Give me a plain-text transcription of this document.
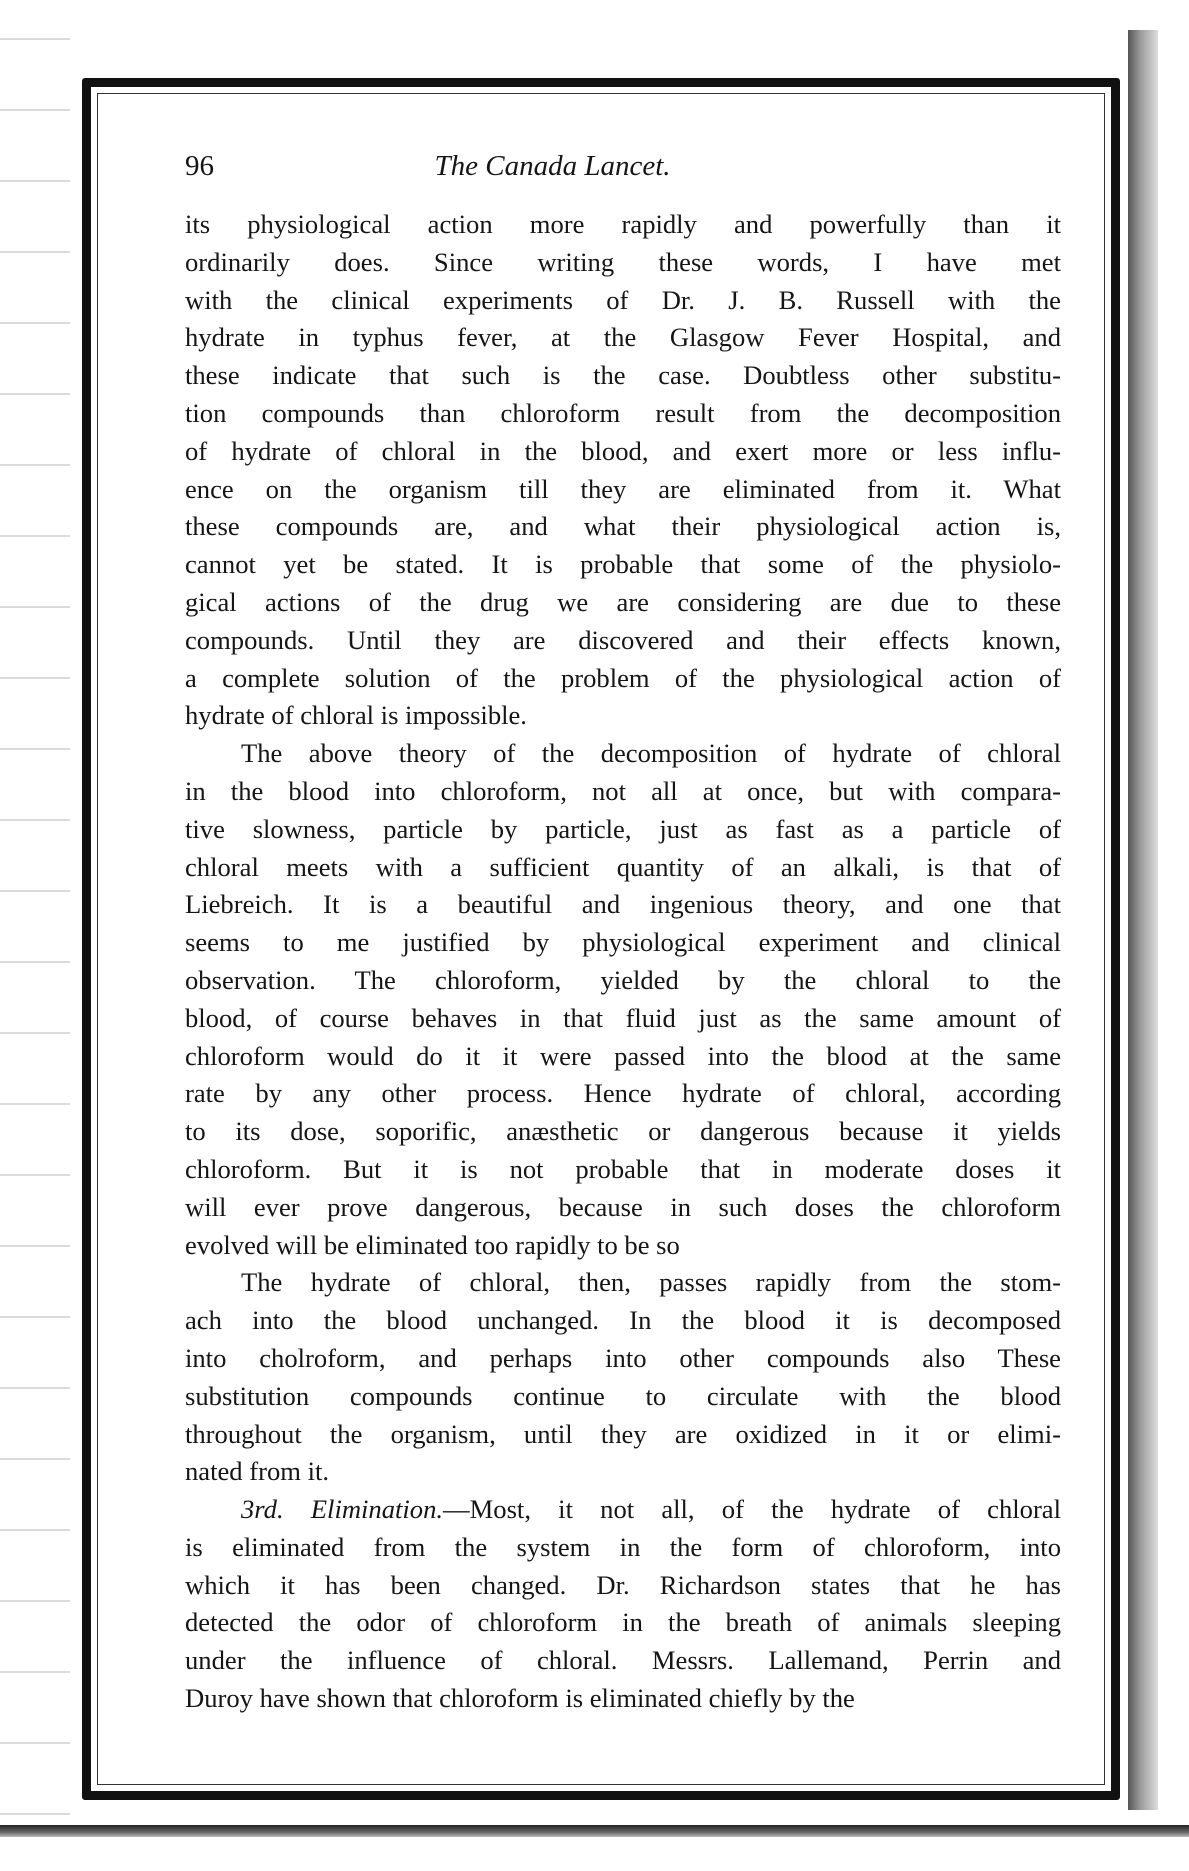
96	The Canada Lancet.
its physiological action more rapidly and powerfully than it
ordinarily does. Since writing these words, I have met
with the clinical experiments of Dr. J. B. Russell with the
hydrate in typhus fever, at the Glasgow Fever Hospital, and
these indicate that such is the case. Doubtless other substitu-
tion compounds than chloroform result from the decomposition
of hydrate of chloral in the blood, and exert more or less influ-
ence on the organism till they are eliminated from it. What
these compounds are, and what their physiological action is,
cannot yet be stated. It is probable that some of the physiolo-
gical actions of the drug we are considering are due to these
compounds. Until they are discovered and their effects known,
a complete solution of the problem of the physiological action of
hydrate of chloral is impossible.
The above theory of the decomposition of hydrate of chloral
in the blood into chloroform, not all at once, but with compara-
tive slowness, particle by particle, just as fast as a particle of
chloral meets with a sufficient quantity of an alkali, is that of
Liebreich. It is a beautiful and ingenious theory, and one that
seems to me justified by physiological experiment and clinical
observation. The chloroform, yielded by the chloral to the
blood, of course behaves in that fluid just as the same amount of
chloroform would do it it were passed into the blood at the same
rate by any other process. Hence hydrate of chloral, according
to its dose, soporific, anæsthetic or dangerous because it yields
chloroform. But it is not probable that in moderate doses it
will ever prove dangerous, because in such doses the chloroform
evolved will be eliminated too rapidly to be so
The hydrate of chloral, then, passes rapidly from the stom-
ach into the blood unchanged. In the blood it is decomposed
into cholroform, and perhaps into other compounds also These
substitution compounds continue to circulate with the blood
throughout the organism, until they are oxidized in it or elimi-
nated from it.
3rd. Elimination.—Most, it not all, of the hydrate of chloral
is eliminated from the system in the form of chloroform, into
which it has been changed. Dr. Richardson states that he has
detected the odor of chloroform in the breath of animals sleeping
under the influence of chloral. Messrs. Lallemand, Perrin and
Duroy have shown that chloroform is eliminated chiefly by the
